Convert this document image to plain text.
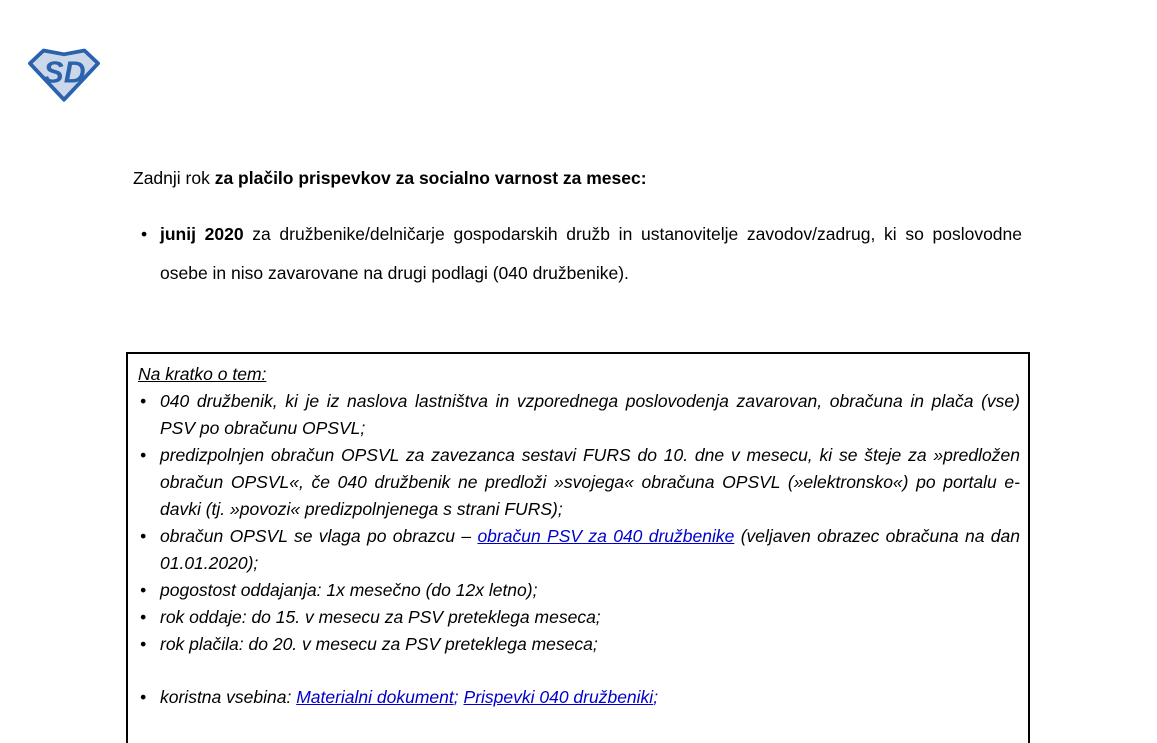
SD

Zadnji rok za plačilo prispevkov za socialno varnost za mesec:

• junij 2020 za družbenike/delničarje gospodarskih družb in ustanovitelje zavodov/zadrug, ki so poslovodne osebe in niso zavarovane na drugi podlagi (040 družbenike).
Na kratko o tem:
• 040 družbenik, ki je iz naslova lastništva in vzporednega poslovodenja zavarovan, obračuna in plača (vse) PSV po obračunu OPSVL;
• predizpolnjen obračun OPSVL za zavezanca sestavi FURS do 10. dne v mesecu, ki se šteje za »predložen obračun OPSVL«, če 040 družbenik ne predloži »svojega« obračuna OPSVL (»elektronsko«) po portalu e-davki (tj. »povozi« predizpolnjenega s strani FURS);
• obračun OPSVL se vlaga po obrazcu – obračun PSV za 040 družbenike (veljaven obrazec obračuna na dan 01.01.2020);
• pogostost oddajanja: 1x mesečno (do 12x letno);
• rok oddaje: do 15. v mesecu za PSV preteklega meseca;
• rok plačila: do 20. v mesecu za PSV preteklega meseca;
• koristna vsebina: Materialni dokument; Prispevki 040 družbeniki;
